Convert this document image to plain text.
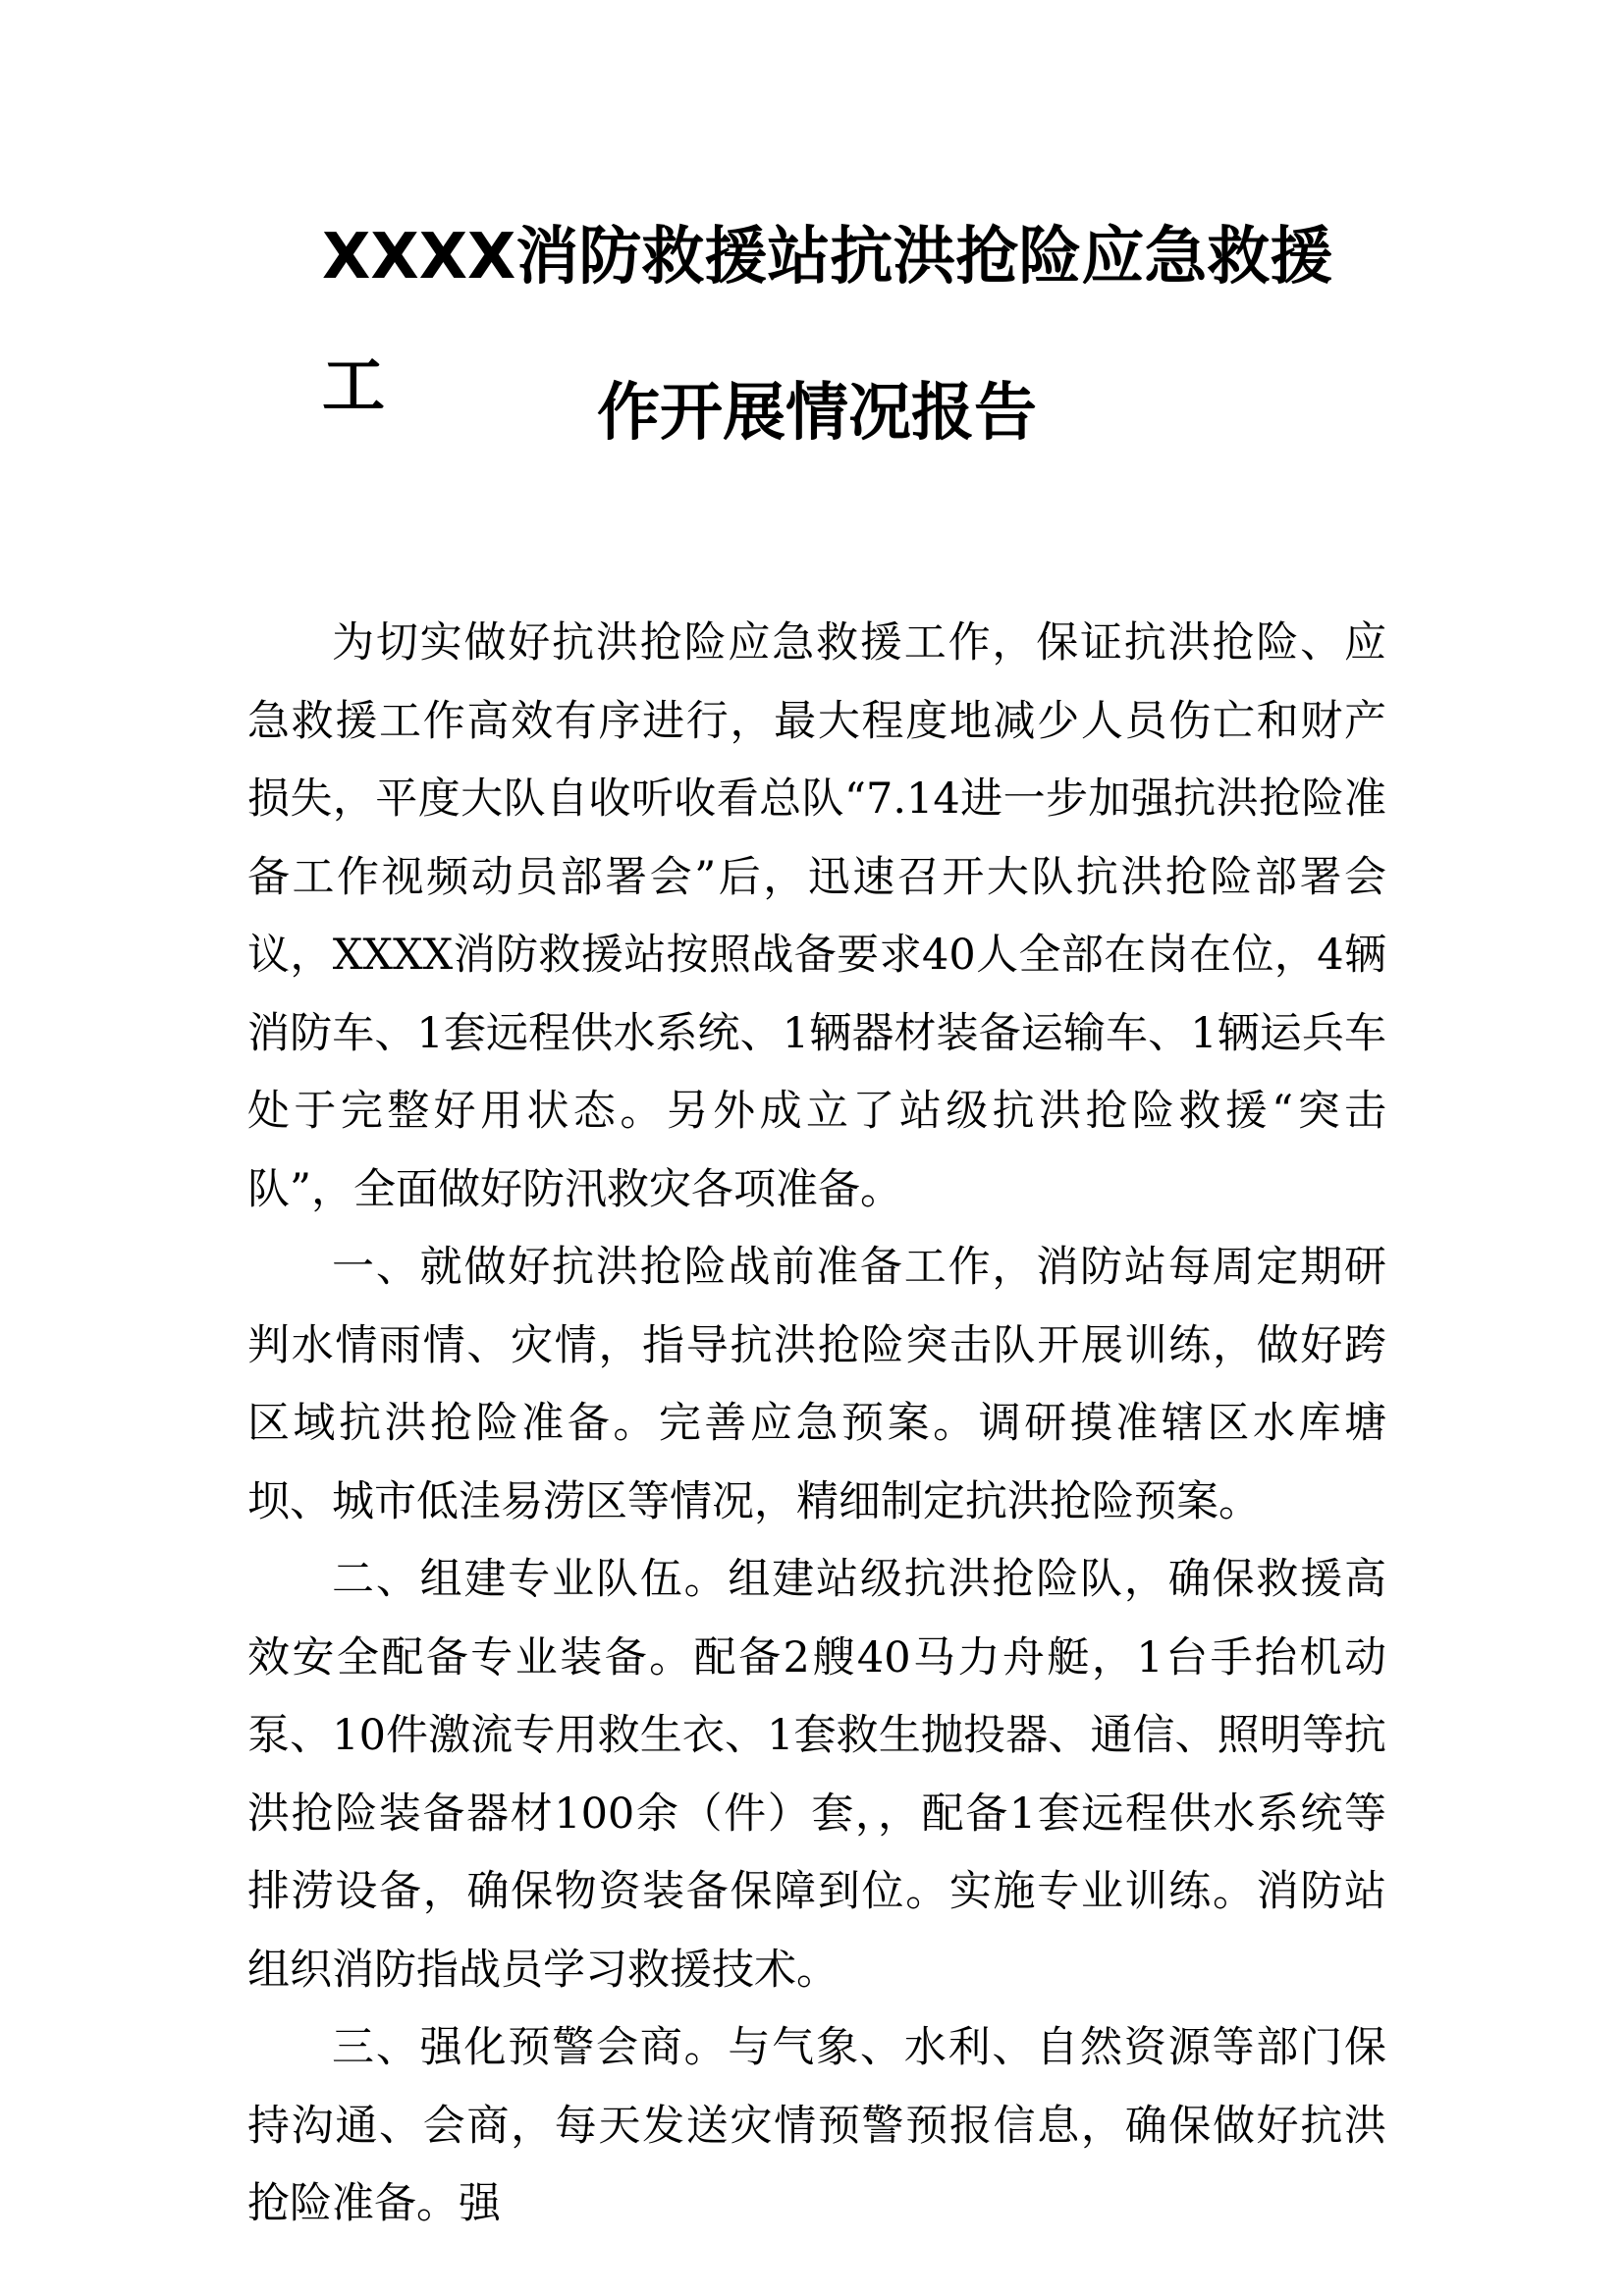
XXXX消防救援站抗洪抢险应急救援工	作开展情况报告

为切实做好抗洪抢险应急救援工作，保证抗洪抢险、应急救援工作高效有序进行，最大程度地减少人员伤亡和财产损失，平度大队自收听收看总队“7.14进一步加强抗洪抢险准备工作视频动员部署会”后，迅速召开大队抗洪抢险部署会议，XXXX消防救援站按照战备要求40人全部在岗在位，4辆消防车、1套远程供水系统、1辆器材装备运输车、1辆运兵车处于完整好用状态。另外成立了站级抗洪抢险救援“突击队”，全面做好防汛救灾各项准备。

一、就做好抗洪抢险战前准备工作，消防站每周定期研判水情雨情、灾情，指导抗洪抢险突击队开展训练，做好跨区域抗洪抢险准备。完善应急预案。调研摸准辖区水库塘坝、城市低洼易涝区等情况，精细制定抗洪抢险预案。

二、组建专业队伍。组建站级抗洪抢险队，确保救援高效安全配备专业装备。配备2艘40马力舟艇，1台手抬机动泵、10件激流专用救生衣、1套救生抛投器、通信、照明等抗洪抢险装备器材100余（件）套，，配备1套远程供水系统等排涝设备，确保物资装备保障到位。实施专业训练。消防站组织消防指战员学习救援技术。

三、强化预警会商。与气象、水利、自然资源等部门保持沟通、会商，每天发送灾情预警预报信息，确保做好抗洪抢险准备。强
